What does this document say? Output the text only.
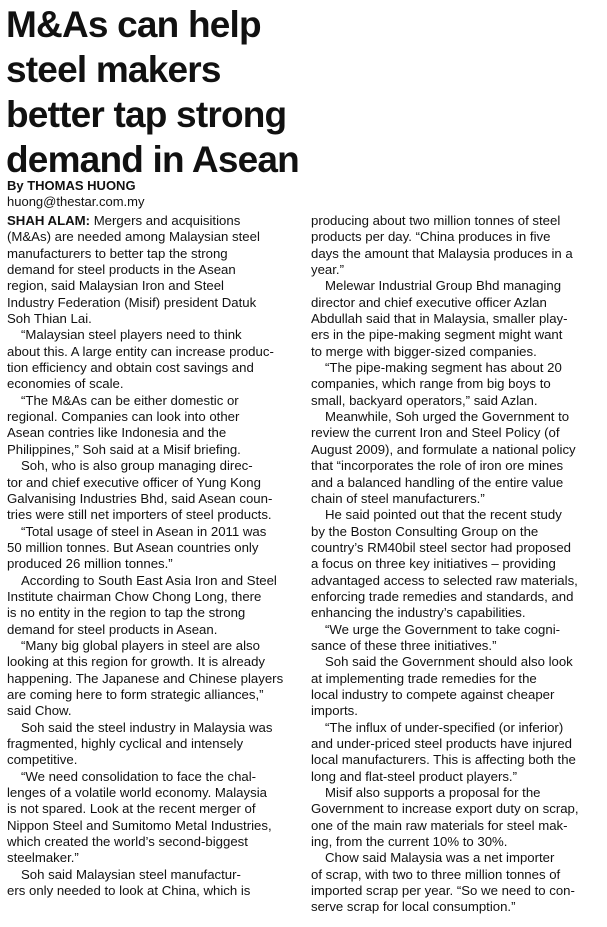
M&As can help
steel makers
better tap strong
demand in Asean
By THOMAS HUONG
huong@thestar.com.my

SHAH ALAM: Mergers and acquisitions
(M&As) are needed among Malaysian steel
manufacturers to better tap the strong
demand for steel products in the Asean
region, said Malaysian Iron and Steel
Industry Federation (Misif) president Datuk
Soh Thian Lai.

“Malaysian steel players need to think
about this. A large entity can increase produc-
tion efficiency and obtain cost savings and
economies of scale.

“The M&As can be either domestic or
regional. Companies can look into other
Asean contries like Indonesia and the
Philippines,” Soh said at a Misif briefing.

Soh, who is also group managing direc-
tor and chief executive officer of Yung Kong
Galvanising Industries Bhd, said Asean coun-
tries were still net importers of steel products.

“Total usage of steel in Asean in 2011 was
50 million tonnes. But Asean countries only
produced 26 million tonnes.”

According to South East Asia Iron and Steel
Institute chairman Chow Chong Long, there
is no entity in the region to tap the strong
demand for steel products in Asean.

“Many big global players in steel are also
looking at this region for growth. It is already
happening. The Japanese and Chinese players
are coming here to form strategic alliances,”
said Chow.

Soh said the steel industry in Malaysia was
fragmented, highly cyclical and intensely
competitive.

“We need consolidation to face the chal-
lenges of a volatile world economy. Malaysia
is not spared. Look at the recent merger of
Nippon Steel and Sumitomo Metal Industries,
which created the world’s second-biggest
steelmaker.”

Soh said Malaysian steel manufactur-
ers only needed to look at China, which is

producing about two million tonnes of steel
products per day. “China produces in five
days the amount that Malaysia produces in a
year.”

Melewar Industrial Group Bhd managing
director and chief executive officer Azlan
Abdullah said that in Malaysia, smaller play-
ers in the pipe-making segment might want
to merge with bigger-sized companies.

“The pipe-making segment has about 20
companies, which range from big boys to
small, backyard operators,” said Azlan.

Meanwhile, Soh urged the Government to
review the current Iron and Steel Policy (of
August 2009), and formulate a national policy
that “incorporates the role of iron ore mines
and a balanced handling of the entire value
chain of steel manufacturers.”

He said pointed out that the recent study
by the Boston Consulting Group on the
country’s RM40bil steel sector had proposed
a focus on three key initiatives – providing
advantaged access to selected raw materials,
enforcing trade remedies and standards, and
enhancing the industry’s capabilities.

“We urge the Government to take cogni-
sance of these three initiatives.”

Soh said the Government should also look
at implementing trade remedies for the
local industry to compete against cheaper
imports.

“The influx of under-specified (or inferior)
and under-priced steel products have injured
local manufacturers. This is affecting both the
long and flat-steel product players.”

Misif also supports a proposal for the
Government to increase export duty on scrap,
one of the main raw materials for steel mak-
ing, from the current 10% to 30%.

Chow said Malaysia was a net importer
of scrap, with two to three million tonnes of
imported scrap per year. “So we need to con-
serve scrap for local consumption.”
